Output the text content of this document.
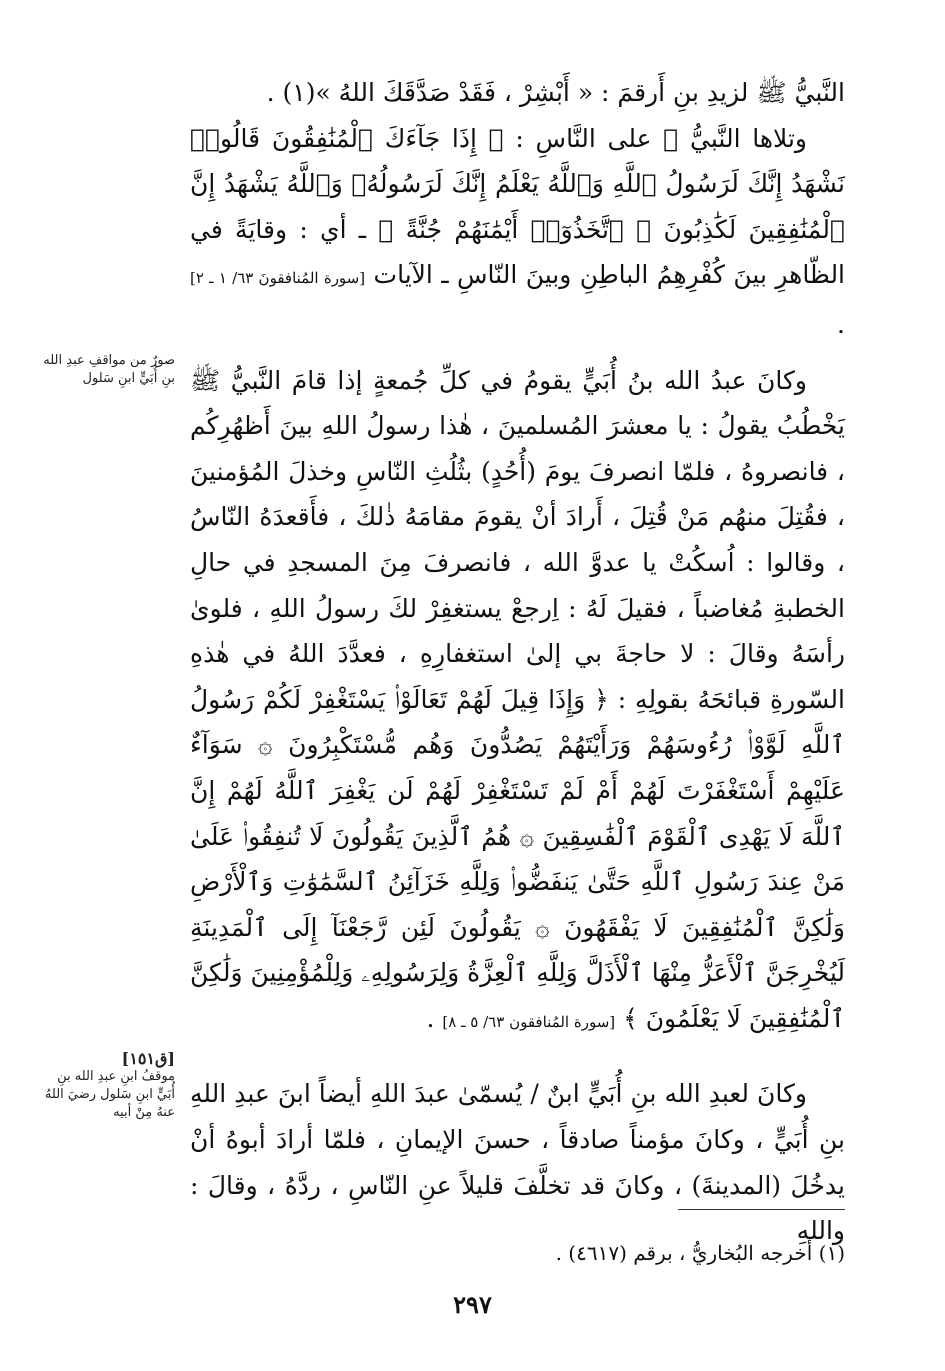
النَّبيُّ ﷺ لزيدِ بنِ أَرقمَ : « أَبْشِرْ ، فَقَدْ صَدَّقَكَ اللهُ »(١) .

وتلاها النَّبيُّ ﷺ على النَّاسِ : ﴿ إِذَا جَآءَكَ ٱلْمُنَٰفِقُونَ قَالُوا۟ نَشْهَدُ إِنَّكَ لَرَسُولُ ٱللَّهِ وَٱللَّهُ يَعْلَمُ إِنَّكَ لَرَسُولُهُۥ وَٱللَّهُ يَشْهَدُ إِنَّ ٱلْمُنَٰفِقِينَ لَكَٰذِبُونَ ۞ ٱتَّخَذُوٓا۟ أَيْمَٰنَهُمْ جُنَّةً ﴾ ـ أي : وقايَةً في الظّاهرِ بينَ كُفْرِهِمُ الباطِنِ وبينَ النّاسِ ـ الآيات [سورة المُنافقونَ ٦٣/ ١ ـ ٢] .

وكانَ عبدُ الله بنُ أُبَيٍّ يقومُ في كلِّ جُمعةٍ إذا قامَ النَّبيُّ ﷺ يَخْطُبُ يقولُ : يا معشرَ المُسلمينَ ، هٰذا رسولُ اللهِ بينَ أَظهُرِكُم ، فانصروهُ ، فلمّا انصرفَ يومَ (أُحُدٍ) بثُلُثِ النّاسِ وخذلَ المُؤمنينَ ، فقُتِلَ منهُم مَنْ قُتِلَ ، أَرادَ أنْ يقومَ مقامَهُ ذٰلكَ ، فأَقعدَهُ النّاسُ ، وقالوا : اُسكُتْ يا عدوَّ الله ، فانصرفَ مِنَ المسجدِ في حالِ الخطبةِ مُغاضباً ، فقيلَ لَهُ : اِرجعْ يستغفِرْ لكَ رسولُ اللهِ ، فلوىٰ رأسَهُ وقالَ : لا حاجةَ بي إلىٰ استغفارِهِ ، فعدَّدَ اللهُ في هٰذهِ السّورةِ قبائحَهُ بقولِهِ : ﴿ وَإِذَا قِيلَ لَهُمْ تَعَالَوْا۟ يَسْتَغْفِرْ لَكُمْ رَسُولُ ٱللَّهِ لَوَّوْا۟ رُءُوسَهُمْ وَرَأَيْتَهُمْ يَصُدُّونَ وَهُم مُّسْتَكْبِرُونَ ۞ سَوَآءٌ عَلَيْهِمْ أَسْتَغْفَرْتَ لَهُمْ أَمْ لَمْ تَسْتَغْفِرْ لَهُمْ لَن يَغْفِرَ ٱللَّهُ لَهُمْ إِنَّ ٱللَّهَ لَا يَهْدِى ٱلْقَوْمَ ٱلْفَٰسِقِينَ ۞ هُمُ ٱلَّذِينَ يَقُولُونَ لَا تُنفِقُوا۟ عَلَىٰ مَنْ عِندَ رَسُولِ ٱللَّهِ حَتَّىٰ يَنفَضُّوا۟ وَلِلَّهِ خَزَآئِنُ ٱلسَّمَٰوَٰتِ وَٱلْأَرْضِ وَلَٰكِنَّ ٱلْمُنَٰفِقِينَ لَا يَفْقَهُونَ ۞ يَقُولُونَ لَئِن رَّجَعْنَآ إِلَى ٱلْمَدِينَةِ لَيُخْرِجَنَّ ٱلْأَعَزُّ مِنْهَا ٱلْأَذَلَّ وَلِلَّهِ ٱلْعِزَّةُ وَلِرَسُولِهِۦ وَلِلْمُؤْمِنِينَ وَلَٰكِنَّ ٱلْمُنَٰفِقِينَ لَا يَعْلَمُونَ ﴾ [سورة المُنافقون ٦٣/ ٥ ـ ٨] .

وكانَ لعبدِ الله بنِ أُبَيٍّ ابنٌ / يُسمّىٰ عبدَ اللهِ أيضاً ابنَ عبدِ اللهِ بنِ أُبَيٍّ ، وكانَ مؤمناً صادقاً ، حسنَ الإيمانِ ، فلمّا أرادَ أبوهُ أنْ يدخُلَ (المدينةَ) ، وكانَ قد تخلَّفَ قليلاً عنِ النّاسِ ، ردَّهُ ، وقالَ : واللهِ

صورٌ من مواقفِ عبدِ الله بنِ أُبَيٍّ ابنِ سَلول
[ق١٥١]
موقفُ ابنِ عبدِ الله بنِ أُبَيٍّ ابنِ سَلول رضيَ اللهُ عنهُ مِنْ أبيه
(١) أخرجه البُخاريُّ ، برقم (٤٦١٧) .
٢٩٧
